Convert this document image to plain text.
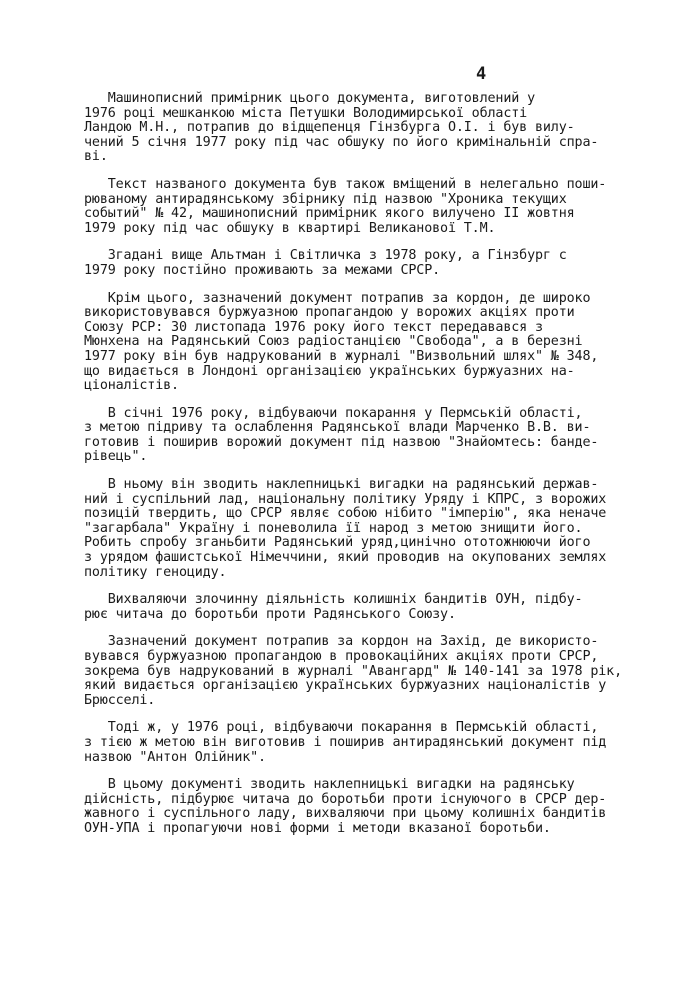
4

Машинописний примірник цього документа, виготовлений у
1976 році мешканкою міста Петушки Володимирської області
Ландою М.Н., потрапив до відщепенця Гінзбурга О.І. і був вилу-
чений 5 січня 1977 року під час обшуку по його кримінальній спра-
ві.

Текст названого документа був також вміщений в нелегально поши-
рюваному антирадянському збірнику під назвою "Хроника текущих
событий" № 42, машинописний примірник якого вилучено II жовтня
1979 року під час обшуку в квартирі Великанової Т.М.

Згадані вище Альтман і Світличка з 1978 року, а Гінзбург с
1979 року постійно проживають за межами СРСР.

Крім цього, зазначений документ потрапив за кордон, де широко
використовувався буржуазною пропагандою у ворожих акціях проти
Союзу РСР: 30 листопада 1976 року його текст передавався з
Мюнхена на Радянський Союз радіостанцією "Свобода", а в березні
1977 року він був надрукований в журналі "Визвольний шлях" № 348,
що видається в Лондоні організацією українських буржуазних на-
ціоналістів.

В січні 1976 року, відбуваючи покарання у Пермській області,
з метою підриву та ослаблення Радянської влади Марченко В.В. ви-
готовив і поширив ворожий документ під назвою "Знайомтесь: банде-
рівець".

В ньому він зводить наклепницькі вигадки на радянський держав-
ний і суспільний лад, національну політику Уряду і КПРС, з ворожих
позицій твердить, що СРСР являє собою нібито "імперію", яка неначе
"загарбала" Україну і поневолила її народ з метою знищити його.
Робить спробу зганьбити Радянський уряд,цинічно ототожнюючи його
з урядом фашистської Німеччини, який проводив на окупованих землях
політику геноциду.

Вихваляючи злочинну діяльність колишніх бандитів ОУН, підбу-
рює читача до боротьби проти Радянського Союзу.

Зазначений документ потрапив за кордон на Захід, де використо-
вувався буржуазною пропагандою в провокаційних акціях проти СРСР,
зокрема був надрукований в журналі "Авангард" № 140-141 за 1978 рік,
який видається організацією українських буржуазних націоналістів у
Брюсселі.

Тоді ж, у 1976 році, відбуваючи покарання в Пермській області,
з тією ж метою він виготовив і поширив антирадянський документ під
назвою "Антон Олійник".

В цьому документі зводить наклепницькі вигадки на радянську
дійсність, підбурює читача до боротьби проти існуючого в СРСР дер-
жавного і суспільного ладу, вихваляючи при цьому колишніх бандитів
ОУН-УПА і пропагуючи нові форми і методи вказаної боротьби.
